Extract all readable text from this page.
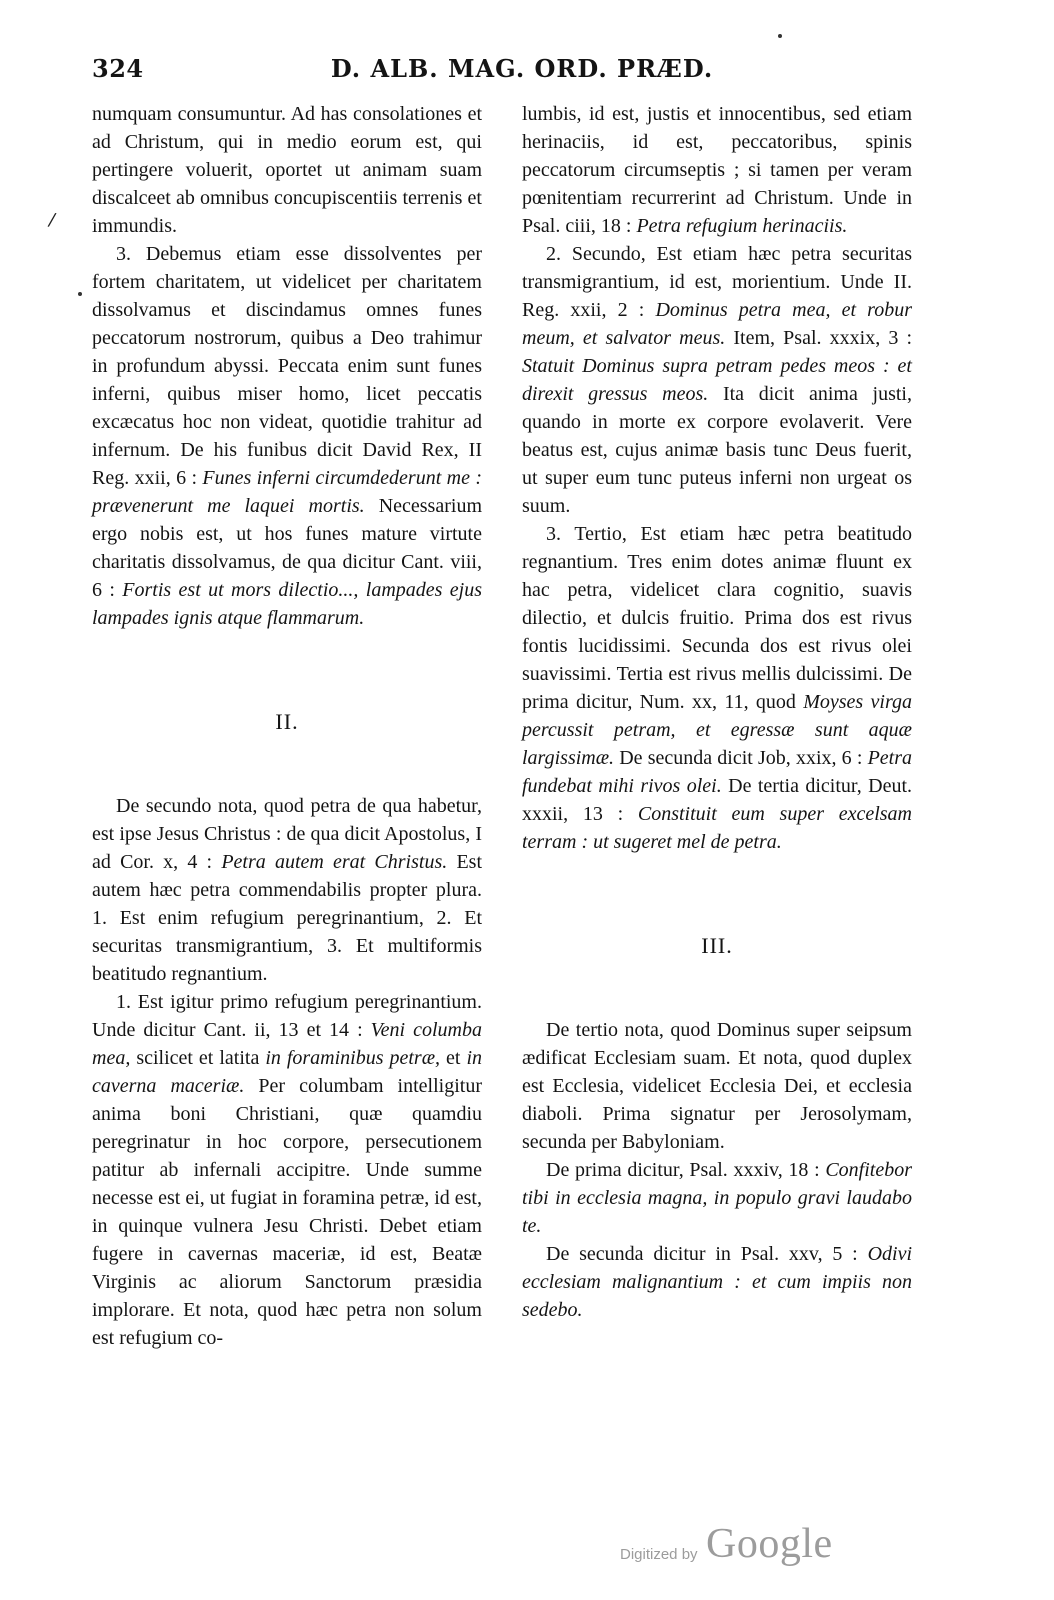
324	D. ALB. MAG. ORD. PRÆD.
/

numquam consumuntur. Ad has consolationes et ad Christum, qui in medio eorum est, qui pertingere voluerit, oportet ut animam suam discalceet ab omnibus concupiscentiis terrenis et immundis.

3. Debemus etiam esse dissolventes per fortem charitatem, ut videlicet per charitatem dissolvamus et discindamus omnes funes peccatorum nostrorum, quibus a Deo trahimur in profundum abyssi. Peccata enim sunt funes inferni, quibus miser homo, licet peccatis excæcatus hoc non videat, quotidie trahitur ad infernum. De his funibus dicit David Rex, II Reg. xxii, 6 : Funes inferni circumdederunt me : prævenerunt me laquei mortis. Necessarium ergo nobis est, ut hos funes mature virtute charitatis dissolvamus, de qua dicitur Cant. viii, 6 : Fortis est ut mors dilectio..., lampades ejus lampades ignis atque flammarum.

II.

De secundo nota, quod petra de qua habetur, est ipse Jesus Christus : de qua dicit Apostolus, I ad Cor. x, 4 : Petra autem erat Christus. Est autem hæc petra commendabilis propter plura. 1. Est enim refugium peregrinantium, 2. Et securitas transmigrantium, 3. Et multiformis beatitudo regnantium.

1. Est igitur primo refugium peregrinantium. Unde dicitur Cant. ii, 13 et 14 : Veni columba mea, scilicet et latita in foraminibus petræ, et in caverna maceriæ. Per columbam intelligitur anima boni Christiani, quæ quamdiu peregrinatur in hoc corpore, persecutionem patitur ab infernali accipitre. Unde summe necesse est ei, ut fugiat in foramina petræ, id est, in quinque vulnera Jesu Christi. Debet etiam fugere in cavernas maceriæ, id est, Beatæ Virginis ac aliorum Sanctorum præsidia implorare. Et nota, quod hæc petra non solum est refugium co-

lumbis, id est, justis et innocentibus, sed etiam herinaciis, id est, peccatoribus, spinis peccatorum circumseptis ; si tamen per veram pœnitentiam recurrerint ad Christum. Unde in Psal. ciii, 18 : Petra refugium herinaciis.

2. Secundo, Est etiam hæc petra securitas transmigrantium, id est, morientium. Unde II. Reg. xxii, 2 : Dominus petra mea, et robur meum, et salvator meus. Item, Psal. xxxix, 3 : Statuit Dominus supra petram pedes meos : et direxit gressus meos. Ita dicit anima justi, quando in morte ex corpore evolaverit. Vere beatus est, cujus animæ basis tunc Deus fuerit, ut super eum tunc puteus inferni non urgeat os suum.

3. Tertio, Est etiam hæc petra beatitudo regnantium. Tres enim dotes animæ fluunt ex hac petra, videlicet clara cognitio, suavis dilectio, et dulcis fruitio. Prima dos est rivus fontis lucidissimi. Secunda dos est rivus olei suavissimi. Tertia est rivus mellis dulcissimi. De prima dicitur, Num. xx, 11, quod Moyses virga percussit petram, et egressæ sunt aquæ largissimæ. De secunda dicit Job, xxix, 6 : Petra fundebat mihi rivos olei. De tertia dicitur, Deut. xxxii, 13 : Constituit eum super excelsam terram : ut sugeret mel de petra.

III.

De tertio nota, quod Dominus super seipsum ædificat Ecclesiam suam. Et nota, quod duplex est Ecclesia, videlicet Ecclesia Dei, et ecclesia diaboli. Prima signatur per Jerosolymam, secunda per Babyloniam.

De prima dicitur, Psal. xxxiv, 18 : Confitebor tibi in ecclesia magna, in populo gravi laudabo te.

De secunda dicitur in Psal. xxv, 5 : Odivi ecclesiam malignantium : et cum impiis non sedebo.

Digitized by Google
